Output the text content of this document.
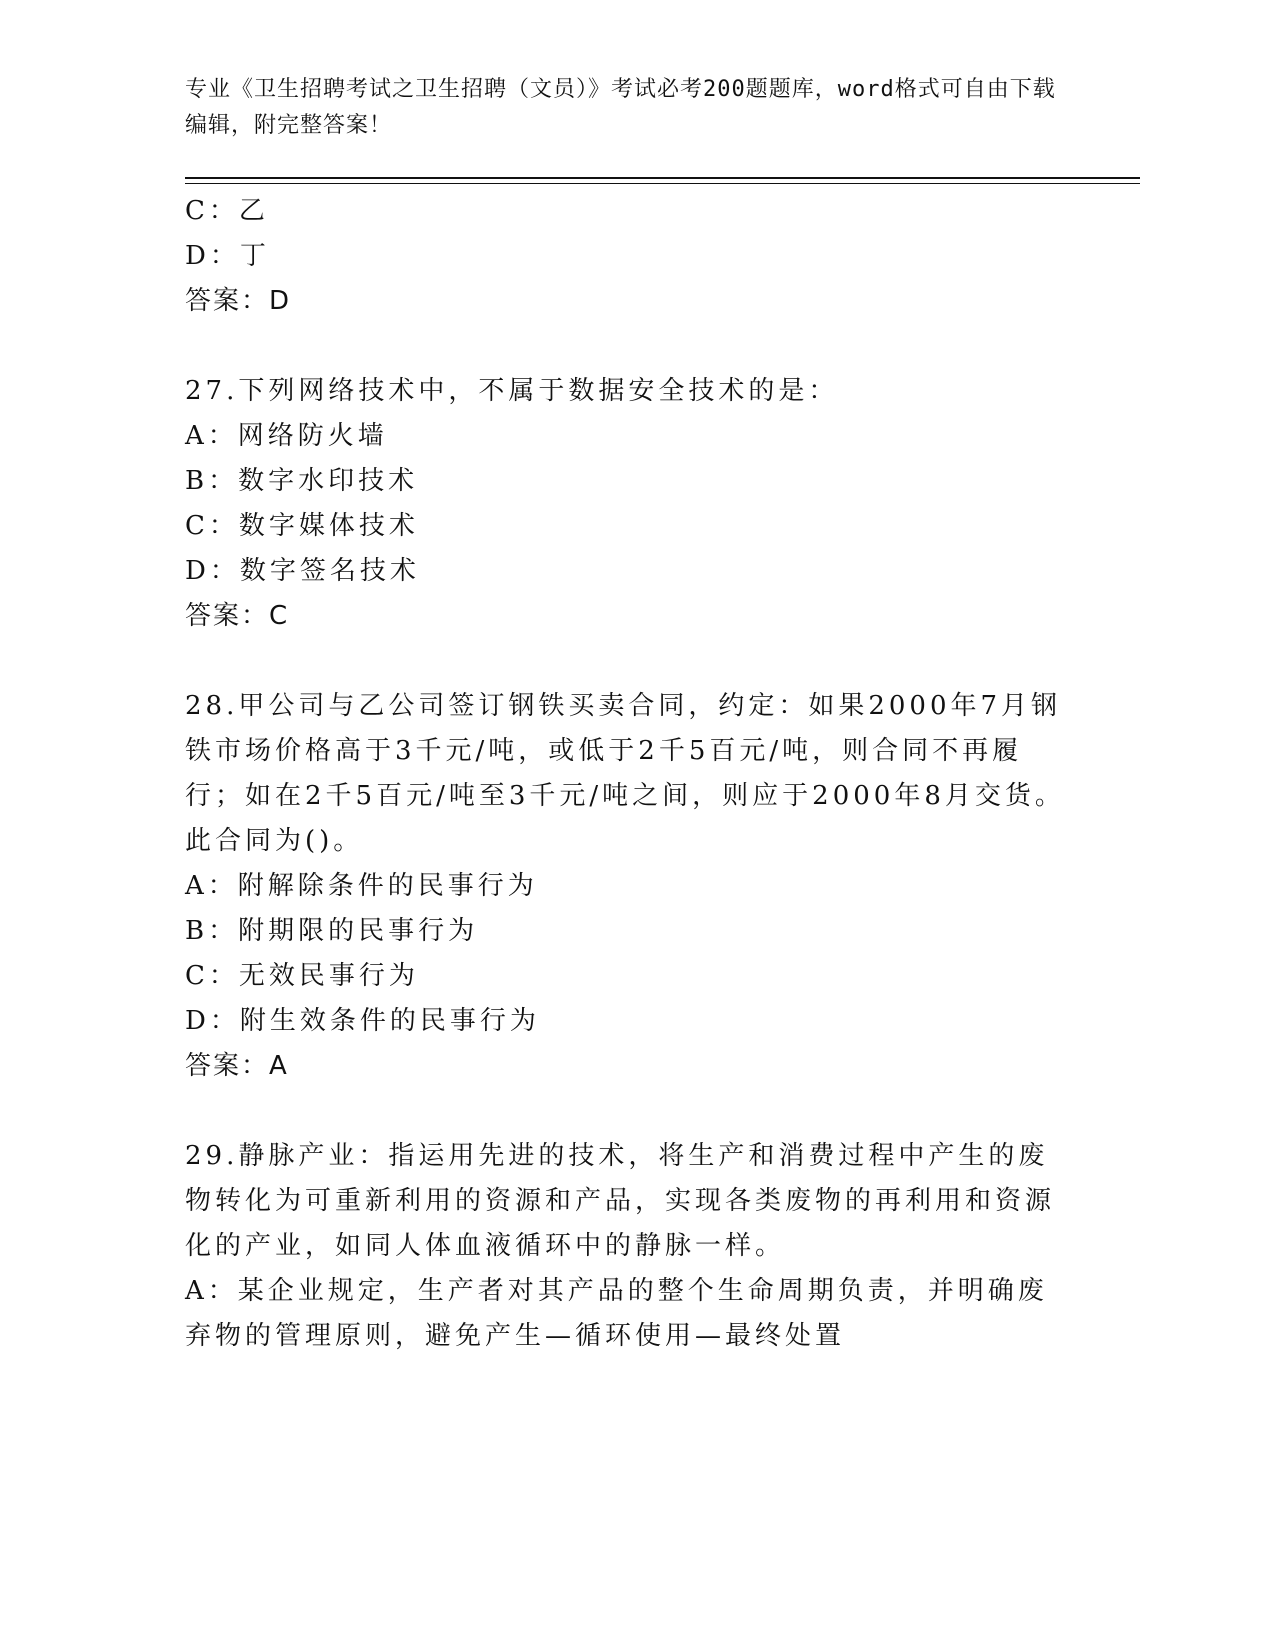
专业《卫生招聘考试之卫生招聘（文员）》考试必考200题题库，word格式可自由下载编辑，附完整答案！
C：乙
D：丁
答案：D
27.下列网络技术中，不属于数据安全技术的是：
A：网络防火墙
B：数字水印技术
C：数字媒体技术
D：数字签名技术
答案：C
28.甲公司与乙公司签订钢铁买卖合同，约定：如果2000年7月钢铁市场价格高于3千元/吨，或低于2千5百元/吨，则合同不再履行；如在2千5百元/吨至3千元/吨之间，则应于2000年8月交货。此合同为()。
A：附解除条件的民事行为
B：附期限的民事行为
C：无效民事行为
D：附生效条件的民事行为
答案：A
29.静脉产业：指运用先进的技术，将生产和消费过程中产生的废物转化为可重新利用的资源和产品，实现各类废物的再利用和资源化的产业，如同人体血液循环中的静脉一样。
A：某企业规定，生产者对其产品的整个生命周期负责，并明确废弃物的管理原则，避免产生—循环使用—最终处置
